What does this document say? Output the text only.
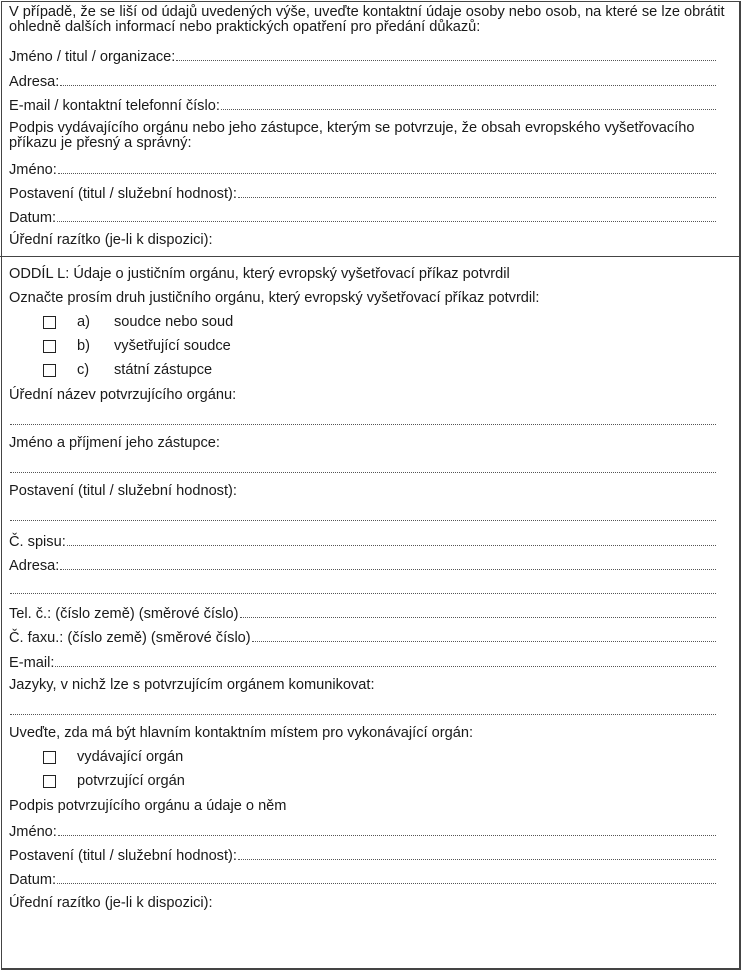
V případě, že se liší od údajů uvedených výše, uveďte kontaktní údaje osoby nebo osob, na které se lze obrátit ohledně dalších informací nebo praktických opatření pro předání důkazů:
Jméno / titul / organizace:
Adresa:
E-mail / kontaktní telefonní číslo:
Podpis vydávajícího orgánu nebo jeho zástupce, kterým se potvrzuje, že obsah evropského vyšetřovacího příkazu je přesný a správný:
Jméno:
Postavení (titul / služební hodnost):
Datum:
Úřední razítko (je-li k dispozici):
ODDÍL L: Údaje o justičním orgánu, který evropský vyšetřovací příkaz potvrdil
Označte prosím druh justičního orgánu, který evropský vyšetřovací příkaz potvrdil:
a) soudce nebo soud
b) vyšetřující soudce
c) státní zástupce
Úřední název potvrzujícího orgánu:
Jméno a příjmení jeho zástupce:
Postavení (titul / služební hodnost):
Č. spisu:
Adresa:
Tel. č.: (číslo země) (směrové číslo)
Č. faxu.: (číslo země) (směrové číslo)
E-mail:
Jazyky, v nichž lze s potvrzujícím orgánem komunikovat:
Uveďte, zda má být hlavním kontaktním místem pro vykonávající orgán:
vydávající orgán
potvrzující orgán
Podpis potvrzujícího orgánu a údaje o něm
Jméno:
Postavení (titul / služební hodnost):
Datum:
Úřední razítko (je-li k dispozici):
